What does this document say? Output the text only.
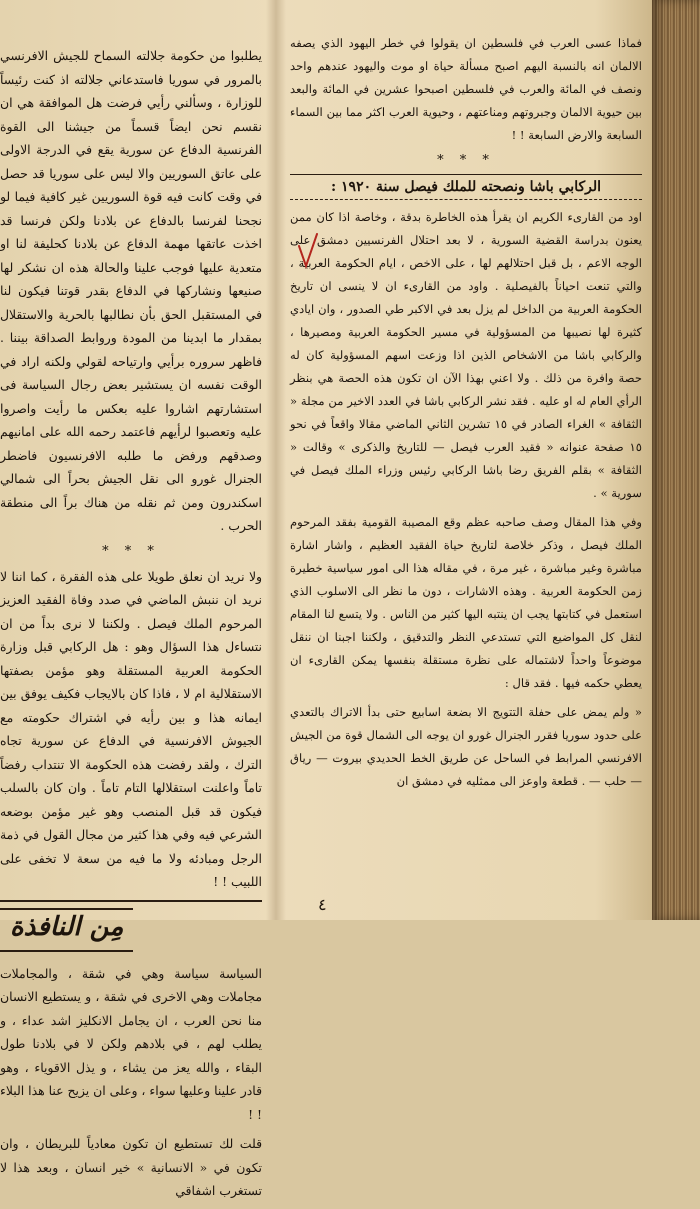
يطلبوا من حكومة جلالته السماح للجيش الافرنسي بالمرور في سوريا فاستدعاني جلالته اذ كنت رئيساً للوزارة ، وسألني رأيي فرضت هل الموافقة هي ان نقسم نحن ايضاً قسماً من جيشنا الى القوة الفرنسية الدفاع عن سورية يقع في الدرجة الاولى على عاتق السوريين والا ليس على سوريا قد حصل في وقت كانت فيه قوة السوريين غير كافية فيما لو نجحنا لفرنسا بالدفاع عن بلادنا ولكن فرنسا قد اخذت عاتقها مهمة الدفاع عن بلادنا كحليفة لنا او متعدية عليها فوجب علينا والحالة هذه ان نشكر لها صنيعها ونشاركها في الدفاع بقدر قوتنا فيكون لنا في المستقبل الحق بأن نطالبها بالحرية والاستقلال بمقدار ما ابدينا من المودة وروابط الصداقة بيننا . فاظهر سروره برأيي وارتياحه لقولي ولكنه اراد في الوقت نفسه ان يستشير بعض رجال السياسة فى استشارتهم اشاروا عليه بعكس ما رأيت واصروا عليه وتعصبوا لرأيهم فاعتمد رحمه الله على امانيهم وصدقهم ورفض ما طلبه الافرنسيون فاضطر الجنرال غورو الى نقل الجيش بحراً الى شمالي اسكندرون ومن ثم نقله من هناك براً الى منطقة الحرب .

* * *

ولا نريد ان نعلق طويلا على هذه الفقرة ، كما اننا لا نريد ان ننبش الماضي في صدد وفاة الفقيد العزيز المرحوم الملك فيصل . ولكننا لا نرى بداً من ان نتساءل هذا السؤال وهو : هل الركابي قبل وزارة الحكومة العربية المستقلة وهو مؤمن بصفتها الاستقلالية ام لا ، فاذا كان بالايجاب فكيف يوفق بين ايمانه هذا و بين رأيه في اشتراك حكومته مع الجيوش الافرنسية في الدفاع عن سورية تجاه الترك ، ولقد رفضت هذه الحكومة الا تنتداب رفضاً تاماً واعلنت استقلالها التام تاماً . وان كان بالسلب فيكون قد قبل المنصب وهو غير مؤمن بوضعه الشرعي فيه وفي هذا كثير من مجال القول في ذمة الرجل ومبادئه ولا ما فيه من سعة لا تخفى على اللبيب ! !

مِن النافذة

السياسة سياسة وهي في شقة ، والمجاملات مجاملات وهي الاخرى في شقة ، و يستطيع الانسان منا نحن العرب ، ان يجامل الانكليز اشد عداء ، و يطلب لهم ، في بلادهم ولكن لا في بلادنا طول البقاء ، والله يعز من يشاء ، و يذل الاقوياء ، وهو قادر علينا وعليها سواء ، وعلى ان يزيح عنا هذا البلاء ! !

قلت لك تستطيع ان تكون معادياً للبريطان ، وان تكون في « الانسانية » خير انسان ، وبعد هذا لا تستغرب اشفاقي

فماذا عسى العرب في فلسطين ان يقولوا في خطر اليهود الذي يصفه الالمان انه بالنسبة اليهم اصبح مسألة حياة او موت واليهود عندهم واحد ونصف في المائة والعرب في فلسطين اصبحوا عشرين في المائة والبعد بين حيوية الالمان وجبروتهم ومناعتهم ، وحيوية العرب اكثر مما بين السماء السابعة والارض السابعة ! !

* * *
الركابي باشا ونصحته للملك فيصل سنة ١٩٢٠ :

اود من القارىء الكريم ان يقرأ هذه الخاطرة بدقة ، وخاصة اذا كان ممن يعنون بدراسة القضية السورية ، لا بعد احتلال الفرنسيين دمشق على الوجه الاعم ، بل قبل احتلالهم لها ، على الاخص ، ايام الحكومة العربية ، والتي تنعت احياناً بالفيصلية . واود من القارىء ان لا ينسى ان تاريخ الحكومة العربية من الداخل لم يزل بعد في الاكبر طي الصدور ، وان ايادي كثيرة لها نصيبها من المسؤولية في مسير الحكومة العربية ومصيرها ، والركابي باشا من الاشخاص الذين اذا وزعت اسهم المسؤولية كان له حصة وافرة من ذلك . ولا اعني بهذا الآن ان تكون هذه الحصة هي بنظر الرأي العام له او عليه . فقد نشر الركابي باشا في العدد الاخير من مجلة « الثقافة » الغراء الصادر في ١٥ تشرين الثاني الماضي مقالا واقعاً في نحو ١٥ صفحة عنوانه « فقيد العرب فيصل — للتاريخ والذكرى » وقالت « الثقافة » بقلم الفريق رضا باشا الركابي رئيس وزراء الملك فيصل في سورية » .

وفي هذا المقال وصف صاحبه عظم وقع المصيبة القومية بفقد المرحوم الملك فيصل ، وذكر خلاصة لتاريخ حياة الفقيد العظيم ، واشار اشارة مباشرة وغير مباشرة ، غير مرة ، في مقاله هذا الى امور سياسية خطيرة زمن الحكومة العربية . وهذه الاشارات ، دون ما نظر الى الاسلوب الذي استعمل في كتابتها يجب ان ينتبه اليها كثير من الناس . ولا يتسع لنا المقام لنقل كل المواضيع التي تستدعي النظر والتدقيق ، ولكننا اجبنا ان ننقل موضوعاً واحداً لاشتماله على نظرة مستقلة بنفسها يمكن القارىء ان يعطي حكمه فيها . فقد قال :

« ولم يمض على حفلة التتويج الا بضعة اسابيع حتى بدأ الاتراك بالتعدي على حدود سوريا فقرر الجنرال غورو ان يوجه الى الشمال قوة من الجيش الافرنسي المرابط في الساحل عن طريق الخط الحديدي بيروت — رياق — حلب — . قطعة واوعز الى ممثليه في دمشق ان

٤
